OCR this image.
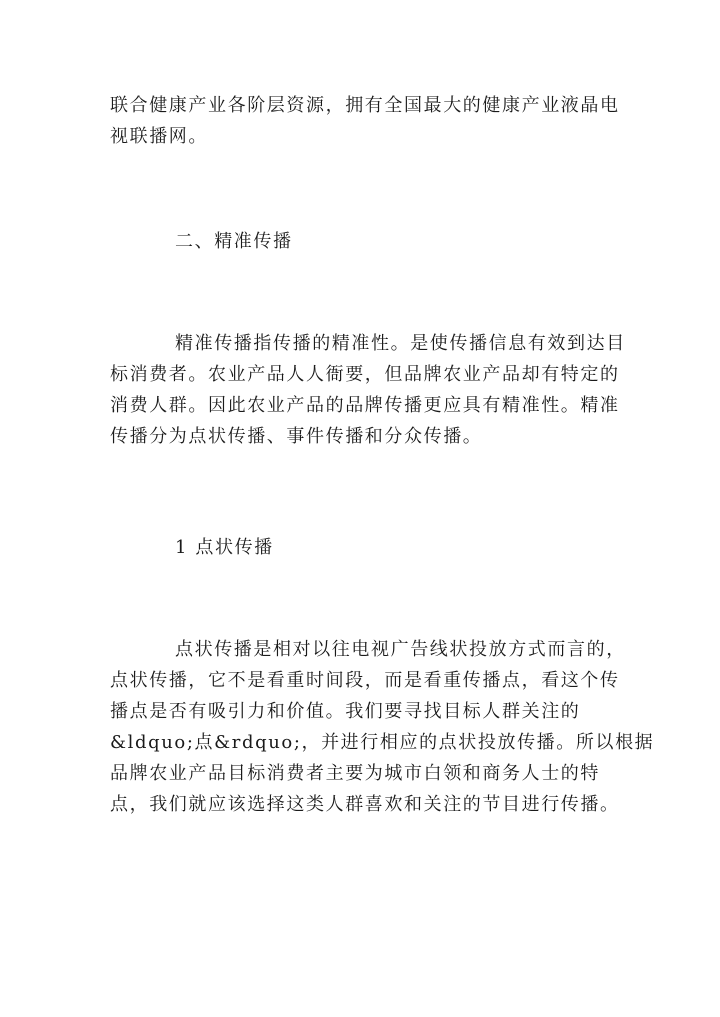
联合健康产业各阶层资源，拥有全国最大的健康产业液晶电
视联播网。
二、精准传播
精准传播指传播的精准性。是使传播信息有效到达目
标消费者。农业产品人人衙要，但品牌农业产品却有特定的
消费人群。因此农业产品的品牌传播更应具有精准性。精准
传播分为点状传播、事件传播和分众传播。
1 点状传播
点状传播是相对以往电视广告线状投放方式而言的，
点状传播，它不是看重时间段，而是看重传播点，看这个传
播点是否有吸引力和价值。我们要寻找目标人群关注的
&ldquo;点&rdquo;，并进行相应的点状投放传播。所以根据
品牌农业产品目标消费者主要为城市白领和商务人士的特
点，我们就应该选择这类人群喜欢和关注的节目进行传播。
